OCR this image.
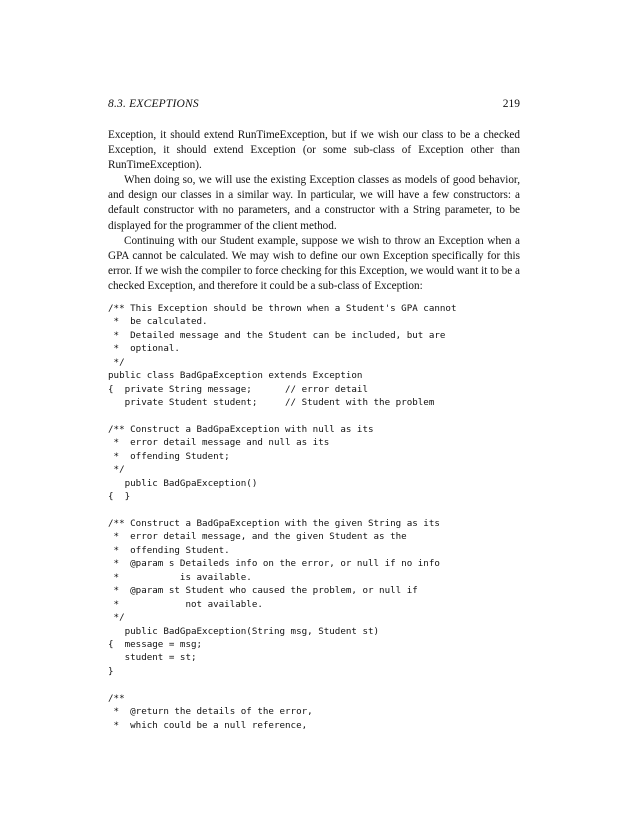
8.3. EXCEPTIONS	219

Exception, it should extend RunTimeException, but if we wish our class to be a checked Exception, it should extend Exception (or some sub-class of Exception other than RunTimeException).

When doing so, we will use the existing Exception classes as models of good behavior, and design our classes in a similar way. In particular, we will have a few constructors: a default constructor with no parameters, and a constructor with a String parameter, to be displayed for the programmer of the client method.

Continuing with our Student example, suppose we wish to throw an Exception when a GPA cannot be calculated. We may wish to define our own Exception specifically for this error. If we wish the compiler to force checking for this Exception, we would want it to be a checked Exception, and therefore it could be a sub-class of Exception:

/** This Exception should be thrown when a Student's GPA cannot
*  be calculated.
*  Detailed message and the Student can be included, but are
*  optional.
*/
public class BadGpaException extends Exception
{  private String message;      // error detail
private Student student;     // Student with the problem
/** Construct a BadGpaException with null as its
*  error detail message and null as its
*  offending Student;
*/
public BadGpaException()
{  }
/** Construct a BadGpaException with the given String as its
*  error detail message, and the given Student as the
*  offending Student.
*  @param s Detaileds info on the error, or null if no info
*           is available.
*  @param st Student who caused the problem, or null if
*            not available.
*/
public BadGpaException(String msg, Student st)
{  message = msg;
student = st;
}
/**
*  @return the details of the error,
*  which could be a null reference,
